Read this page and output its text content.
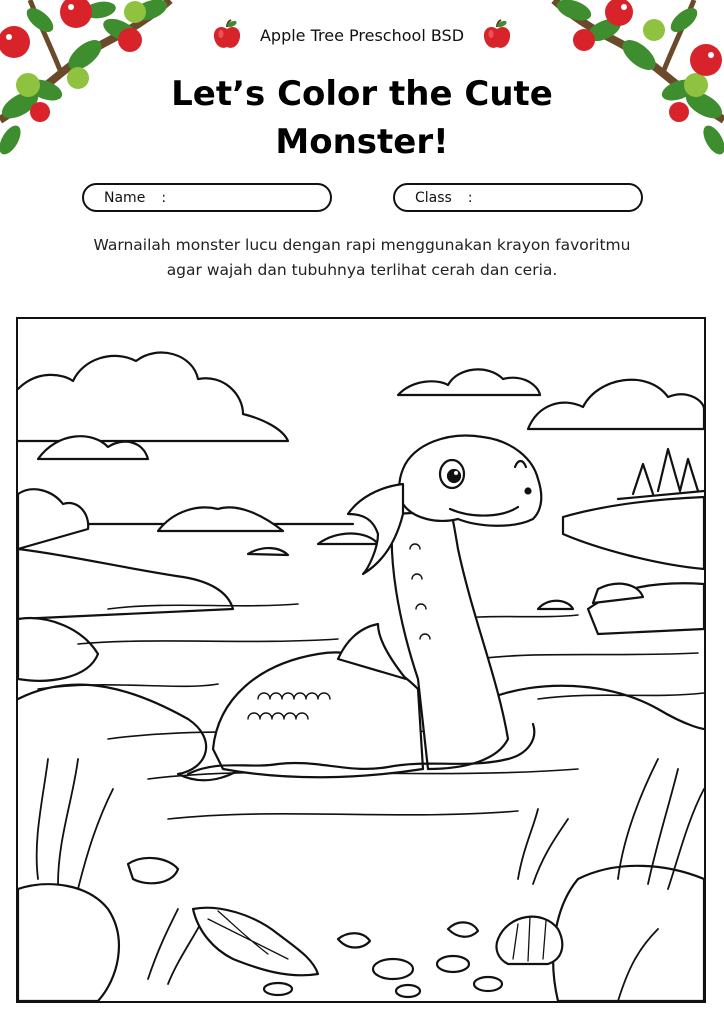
Apple Tree Preschool BSD
Let’s Color the Cute
Monster!
Name :	Class :

Warnailah monster lucu dengan rapi menggunakan krayon favoritmu
agar wajah dan tubuhnya terlihat cerah dan ceria.
